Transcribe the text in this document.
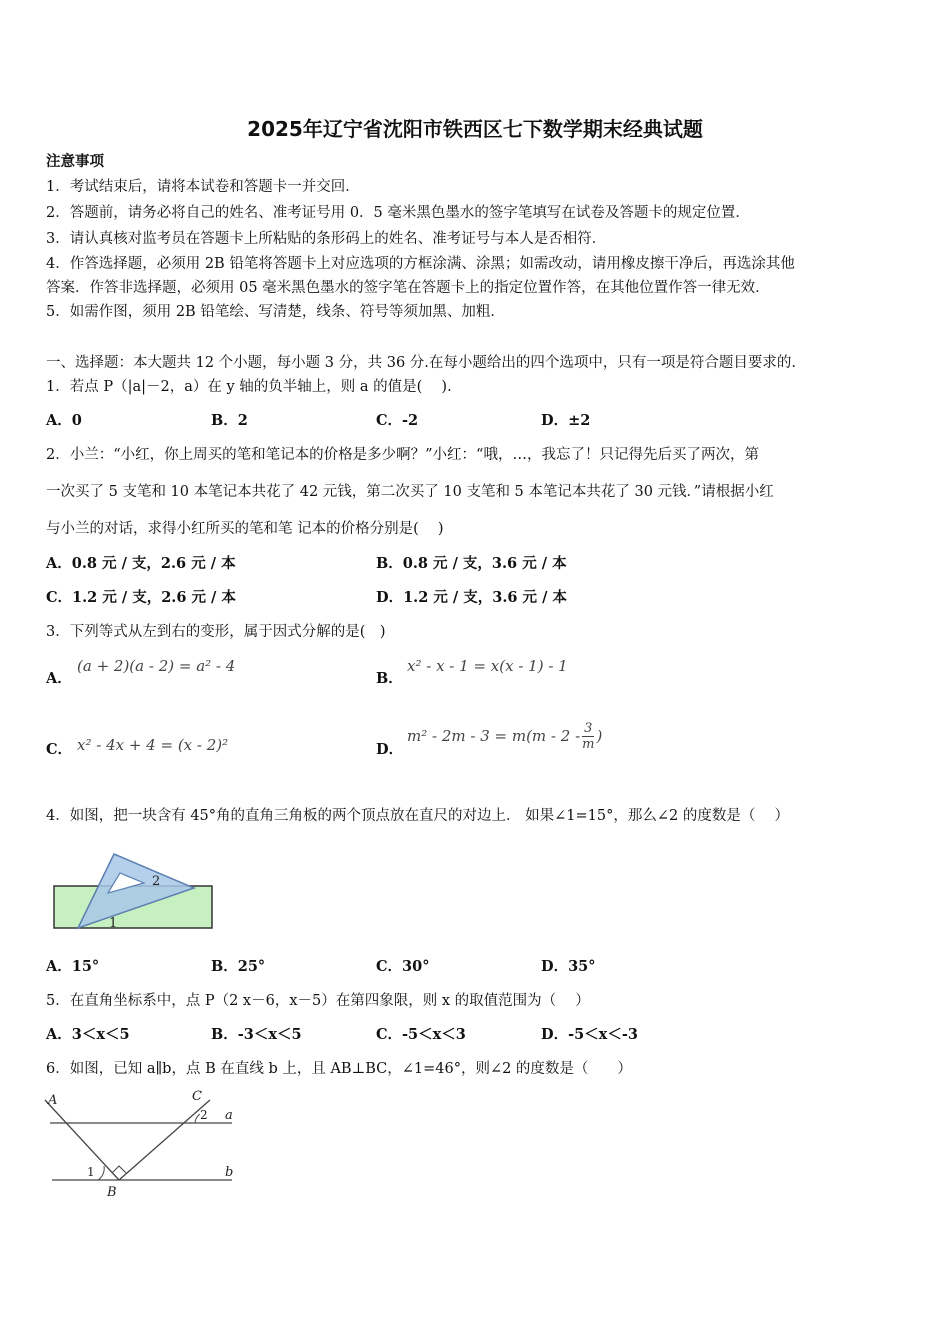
2025年辽宁省沈阳市铁西区七下数学期末经典试题
注意事项
1．考试结束后，请将本试卷和答题卡一并交回．
2．答题前，请务必将自己的姓名、准考证号用 0．5 毫米黑色墨水的签字笔填写在试卷及答题卡的规定位置．
3．请认真核对监考员在答题卡上所粘贴的条形码上的姓名、准考证号与本人是否相符．
4．作答选择题，必须用 2B 铅笔将答题卡上对应选项的方框涂满、涂黑；如需改动，请用橡皮擦干净后，再选涂其他
答案．作答非选择题，必须用 05 毫米黑色墨水的签字笔在答题卡上的指定位置作答，在其他位置作答一律无效．
5．如需作图，须用 2B 铅笔绘、写清楚，线条、符号等须加黑、加粗．
一、选择题：本大题共 12 个小题，每小题 3 分，共 36 分.在每小题给出的四个选项中，只有一项是符合题目要求的.
1．若点 P（|a|－2，a）在 y 轴的负半轴上，则 a 的值是(　 ).
A．0	B．2	C．-2	D．±2
2．小兰：“小红，你上周买的笔和笔记本的价格是多少啊？”小红：“哦，…，我忘了！只记得先后买了两次，第
一次买了 5 支笔和 10 本笔记本共花了 42 元钱，第二次买了 10 支笔和 5 本笔记本共花了 30 元钱．”请根据小红
与小兰的对话，求得小红所买的笔和笔 记本的价格分别是(　 )
A．0.8 元 / 支，2.6 元 / 本	B．0.8 元 / 支，3.6 元 / 本
C．1.2 元 / 支，2.6 元 / 本	D．1.2 元 / 支，3.6 元 / 本
3．下列等式从左到右的变形，属于因式分解的是(　)
A．
(a + 2)(a - 2) = a² - 4
B．
x² - x - 1 = x(x - 1) - 1
C． x² - 4x + 4 = (x - 2)²	D．
$m^2 - 2m - 3 = m(m - 2 - \frac{3}{m}$ )
4．如图，把一块含有 45°角的直角三角板的两个顶点放在直尺的对边上． 如果∠1=15°，那么∠2 的度数是（　 ）
2
1
A．15°	B．25°	C．30°	D．35°
5．在直角坐标系中，点 P（2 x－6，x－5）在第四象限，则 x 的取值范围为（　 ）
A．3＜x＜5	B．-3＜x＜5	C．-5＜x＜3	D．-5＜x＜-3
6．如图，已知 a∥b，点 B 在直线 b 上，且 AB⊥BC，∠1=46°，则∠2 的度数是（　　）
A	C
2 a
1	b
B
